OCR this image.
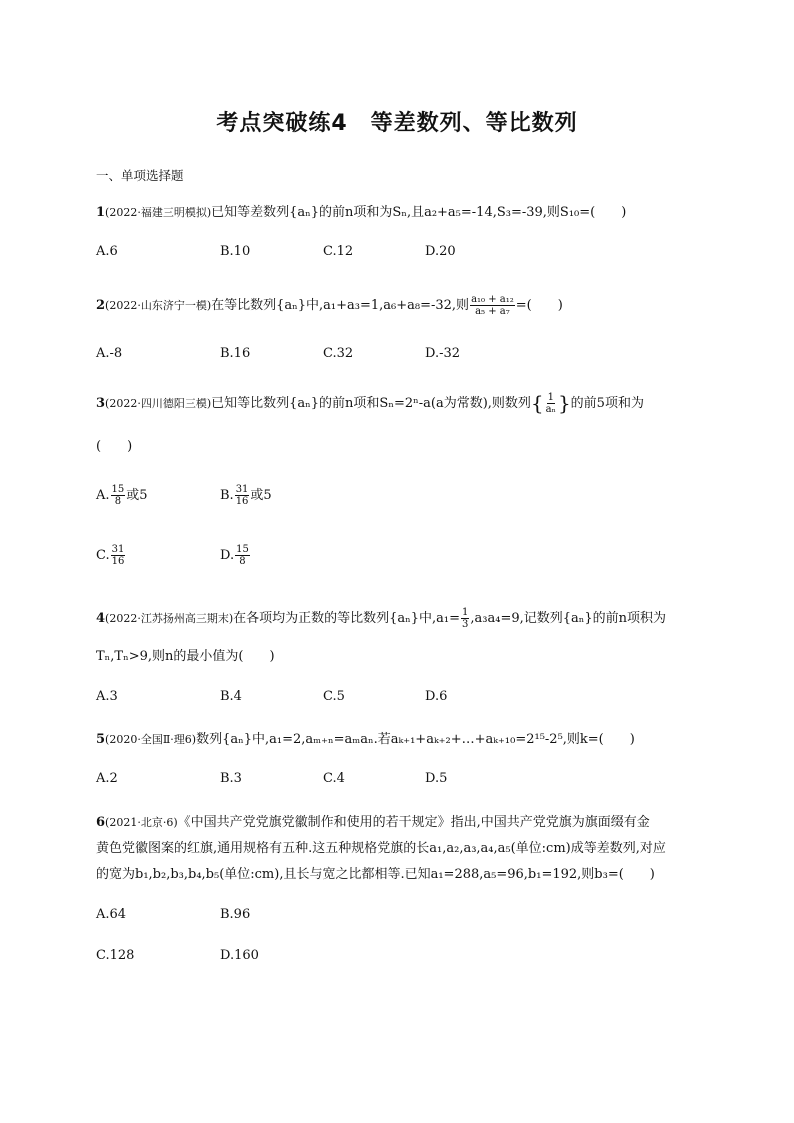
考点突破练4　等差数列、等比数列
一、单项选择题
1(2022·福建三明模拟)已知等差数列{aₙ}的前n项和为Sₙ,且a₂+a₅=-14,S₃=-39,则S₁₀=(　　)
A.6	B.10	C.12	D.20
2(2022·山东济宁一模)在等比数列{aₙ}中,a₁+a₃=1,a₆+a₈=-32,则 $\frac{\text{a₁₀ + a₁₂}}{\text{a₅ + a₇}}$ =(　　)
A.-8	B.16	C.32	D.-32
3(2022·四川德阳三模)已知等比数列{aₙ}的前n项和Sₙ=2ⁿ-a(a为常数),则数列{ $\frac{1}{\text{aₙ}}$ }的前5项和为
(　　)
A. $\frac{15}{8}$ 或5	B. $\frac{31}{16}$ 或5
C. $\frac{31}{16}$	D. $\frac{15}{8}$
4(2022·江苏扬州高三期末)在各项均为正数的等比数列{aₙ}中$,a_1= \frac{1}{3} ,a_3a_4=9$,记数列{aₙ}的前n项积为
Tₙ,Tₙ>9,则n的最小值为(　　)
A.3	B.4	C.5	D.6
5(2020·全国Ⅱ·理6)数列{aₙ}中,a₁=2,aₘ₊ₙ=aₘaₙ.若aₖ₊₁+aₖ₊₂+…+aₖ₊₁₀=2¹⁵-2⁵,则k=(　　)
A.2	B.3	C.4	D.5
6(2021·北京·6)《中国共产党党旗党徽制作和使用的若干规定》指出,中国共产党党旗为旗面缀有金
黄色党徽图案的红旗,通用规格有五种.这五种规格党旗的长a₁,a₂,a₃,a₄,a₅(单位:cm)成等差数列,对应
的宽为b₁,b₂,b₃,b₄,b₅(单位:cm),且长与宽之比都相等.已知a₁=288,a₅=96,b₁=192,则b₃=(　　)
A.64	B.96
C.128	D.160
